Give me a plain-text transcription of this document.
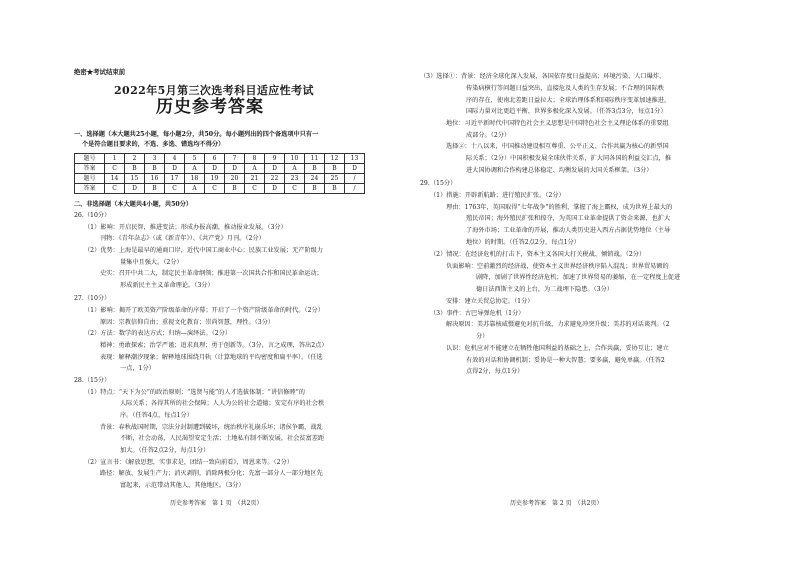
绝密★考试结束前
2022年5月第三次选考科目适应性考试
历史参考答案
一、选择题（本大题共25小题，每小题2分，共50分。每小题列出的四个备选项中只有一
个是符合题目要求的，不选、多选、错选均不得分）
题号	1	2	3	4	5	6	7	8	9	10	11	12	13
答案	C	B	B	D	A	D	D	A	D	A	B	B	D
题号	14	15	16	17	18	19	20	21	22	23	24	25	/
答案	C	D	B	C	A	C	B	C	D	C	B	B	/
二、非选择题（本大题共4小题，共50分）
26.（10分）
（1）影响：开启民智，推进变法；形成办报高潮，推动报业发展。（3分）
刊物：《青年杂志》（或《新青年》）、《共产党》月刊。（2分）
（2）优势：上海是最早的通商口岸，近代中国工商业中心；民族工业发展；无产阶级力
量集中且强大。（2分）
史实：召开中共二大，制定民主革命纲领；推进第一次国共合作和国民革命运动；
形成新民主主义革命理论。（3分）
27.（10分）
（1）影响：揭开了欧美资产阶级革命的序幕；开启了一个资产阶级革命的时代。（2分）
原因：宗教信仰自由；重视文化教育；崇尚智慧，理性。（3分）
（2）方法：数学的表达方式；归纳—演绎法。（2分）
精神：勇敢探索；治学严谨；追求真理；勇于创新等。（3分，言之成理，答出2点）
表现：解释潮汐现象；解释地球围绕月轨（计算地球的平均密度和扁平率）。（任选
一点，1分）
28.（15分）
（1）特点：“天下为公”的政治原则；“选贤与能”的人才选拔体制；“讲信修睦”的
人际关系；各得其所的社会保障；人人为公的社会道德；安定有序的社会秩
序。（任答4点，每点1分）
背景：春秋战国时期，宗法分封制遭到破坏，统治秩序礼崩乐坏；诸侯争霸，战乱
不断，社会动荡，人民渴望安定生活；土地私有制不断发展，社会贫富差距
加大。（任答2点2分，每点1分）
（2）宣言书：《解放思想，实事求是，团结一致向前看》，周恩来等。（2分）
路径：解放、发展生产力；消灭剥削，消除两极分化；先富一部分人一部分地区先
富起来，示范带动其他人、其他地区。（3分）
历史参考答案　第 1 页　（共2页）
（3）选择①：背景：经济全球化深入发展，各国依存度日益提高；环境污染、人口爆炸、
传染病横行等问题日益突出，直接危及人类的生存发展；不合理的国际秩
序的存在，使南北差距日益拉大；全球治理体系和国际秩序变革加速推进，
国际力量对比更趋平衡，世界多极化深入发展。（任答3点3分，每点1分）
地位：习近平新时代中国特色社会主义思想是中国特色社会主义理论体系的重要组
成部分。（2分）
选择②：十八以来，中国推动建设相互尊重、公平正义、合作共赢为核心的新型国
际关系；（2分）中国积极发展全球伙伴关系，扩大同各国的利益交汇点，推
进大国协调和合作构建总体稳定、均衡发展的大国关系框架。（3分）
29.（15分）
（1）措施：开辟新航路；进行殖民扩张。（2分）
理由：1763年，英国取得“七年战争”的胜利，掌握了海上霸权，成为世界上最大的
殖民帝国；海外殖民扩张和掠夺，为英国工业革命提供了资金来源，也扩大
了海外市场；工业革命的开展，推动人类历史进入西方占据优势地位（主导
地位）的时期。（任答2点2分，每点1分）
（2）情况：在经济危机的打击下，资本主义各国大打关税战、倾销战。（2分）
负面影响：空前激烈的经济战，使资本主义世界经济秩序陷入混乱；世界贸易额的
剧降，加剧了世界性经济危机；加速了世界贸易的萎缩，在一定程度上促进
德日法西斯主义的上台，为二战埋下隐患。（3分）
安排：建立关贸总协定。（1分）
（3）事件：古巴导弹危机（1分）
解决原因：美苏靠核威慑避免对抗升级，力求避免冲突升级；美苏的对话谈判。（2
分）
认识：危机应对不能建立在牺牲他国利益的基础之上，合作共赢，妥协互让；建立
有效的对话和协调机制；妥协是一种大智慧；要多赢，避免单赢。（任答2
点得2分，每点1分）
历史参考答案　第 2 页　（共2页）
